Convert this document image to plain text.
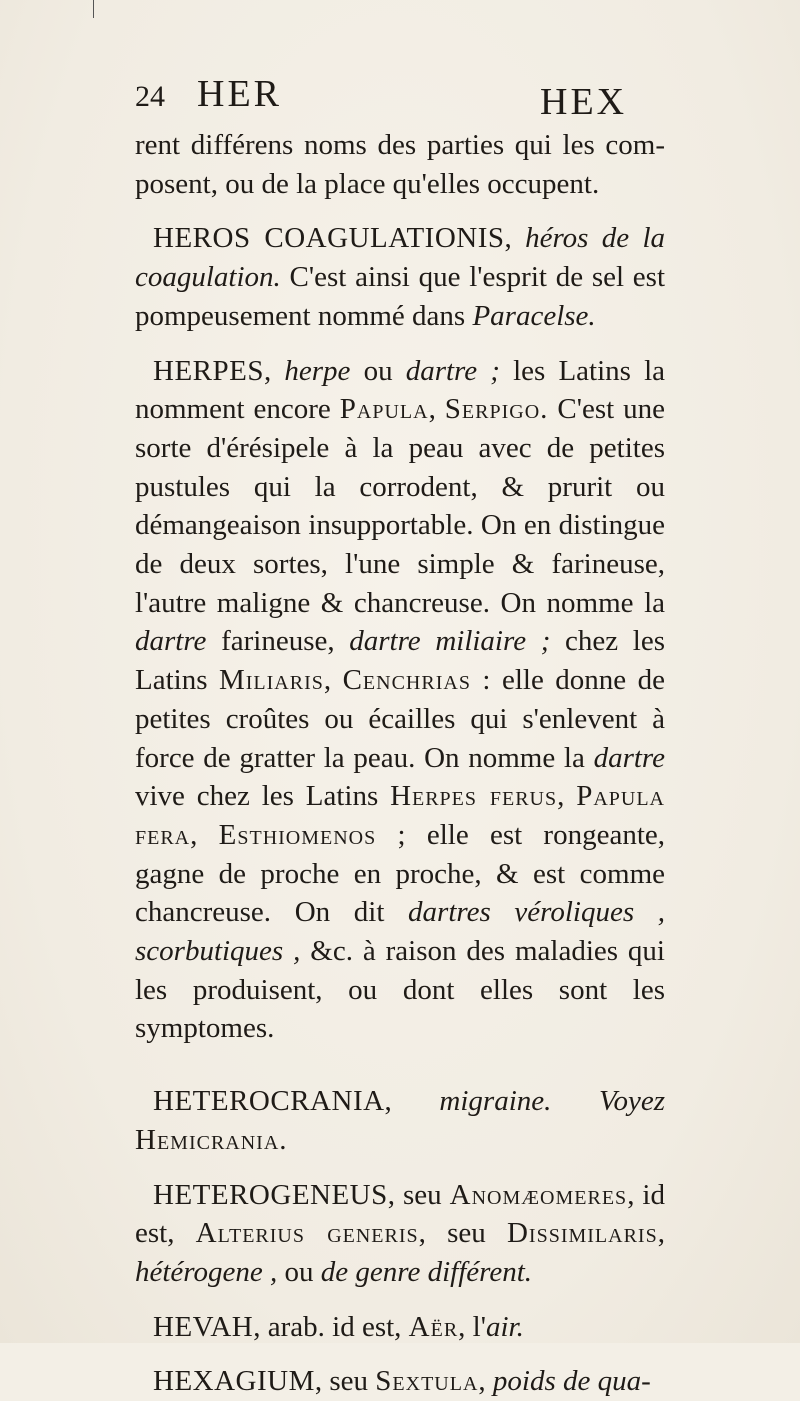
24 HER	HEX

rent différens noms des parties qui les com-posent, ou de la place qu'elles occupent.

HEROS COAGULATIONIS, héros de la coagulation. C'est ainsi que l'esprit de sel est pompeusement nommé dans Paracelse.

HERPES, herpe ou dartre ; les Latins la nomment encore Papula, Serpigo. C'est une sorte d'érésipele à la peau avec de petites pustules qui la corrodent, & prurit ou démangeaison insupportable. On en distingue de deux sortes, l'une simple & farineuse, l'autre maligne & chancreuse. On nomme la dartre farineuse, dartre miliaire ; chez les Latins Miliaris, Cenchrias : elle donne de petites croûtes ou écailles qui s'enlevent à force de gratter la peau. On nomme la dartre vive chez les Latins Herpes ferus, Papula fera, Esthiomenos ; elle est rongeante, gagne de proche en proche, & est comme chancreuse. On dit dartres véroliques , scorbutiques , &c. à raison des maladies qui les produisent, ou dont elles sont les symptomes.

HETEROCRANIA, migraine. Voyez Hemicrania.

HETEROGENEUS, seu Anomæomeres, id est, Alterius generis, seu Dissimilaris, hétérogene , ou de genre différent.

HEVAH, arab. id est, Aër, l'air.

HEXAGIUM, seu Sextula, poids de qua-
